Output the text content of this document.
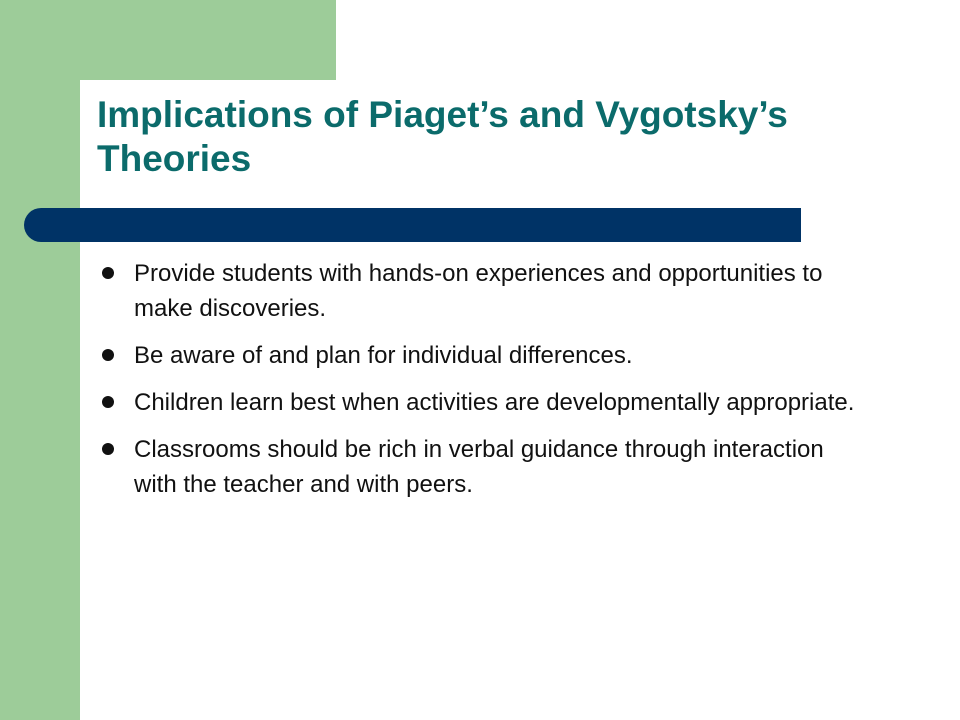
Implications of Piaget’s and Vygotsky’s Theories
Provide students with hands-on experiences and opportunities to make discoveries.
Be aware of and plan for individual differences.
Children learn best when activities are developmentally appropriate.
Classrooms should be rich in verbal guidance through interaction with the teacher and with peers.
